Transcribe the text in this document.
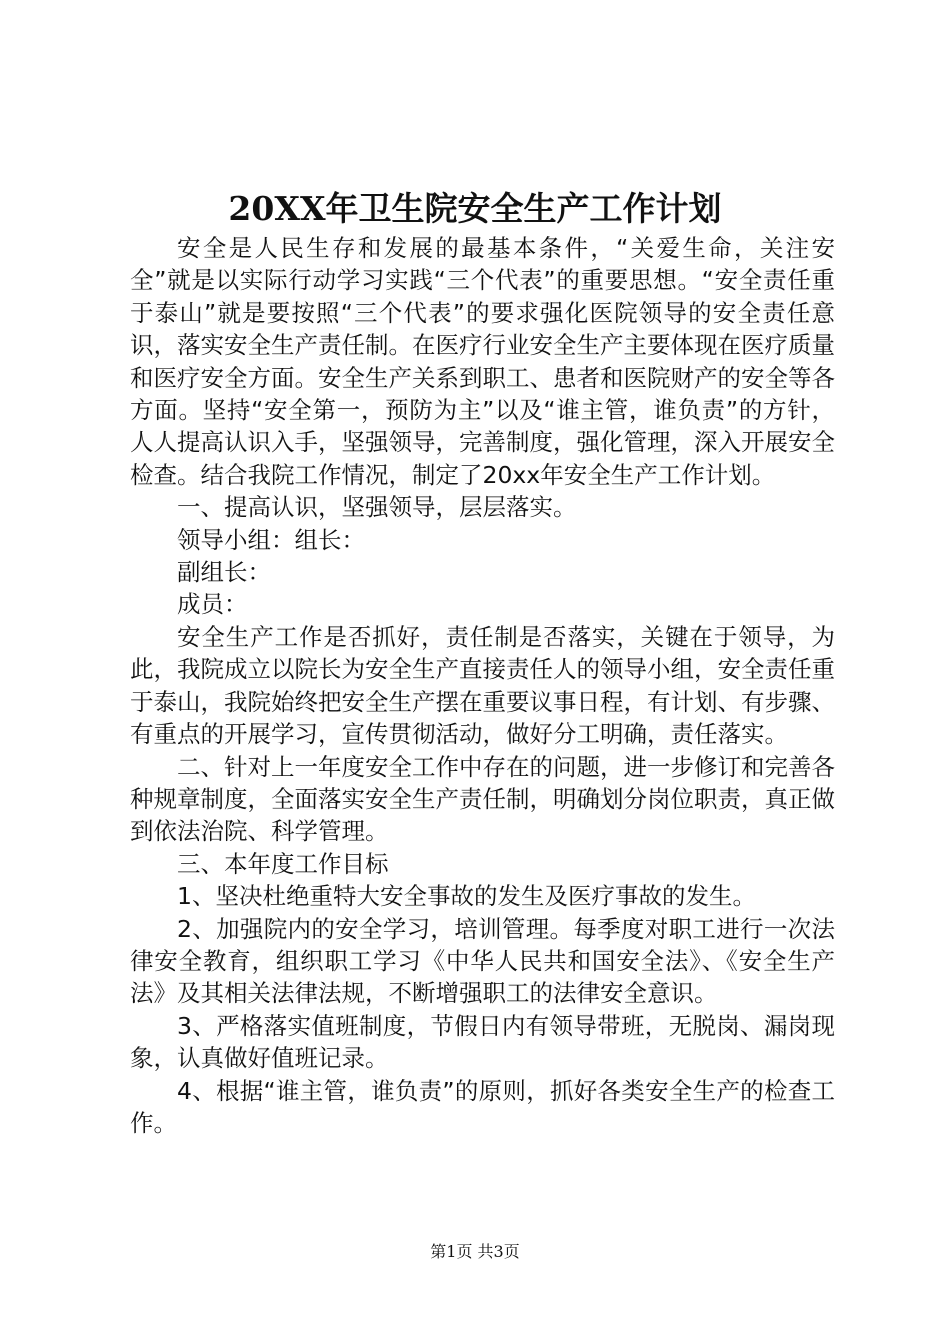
20XX年卫生院安全生产工作计划

安全是人民生存和发展的最基本条件，“关爱生命，关注安全”就是以实际行动学习实践“三个代表”的重要思想。“安全责任重于泰山”就是要按照“三个代表”的要求强化医院领导的安全责任意识，落实安全生产责任制。在医疗行业安全生产主要体现在医疗质量和医疗安全方面。安全生产关系到职工、患者和医院财产的安全等各方面。坚持“安全第一，预防为主”以及“谁主管，谁负责”的方针，人人提高认识入手，坚强领导，完善制度，强化管理，深入开展安全检查。结合我院工作情况，制定了20xx年安全生产工作计划。

一、提高认识，坚强领导，层层落实。

领导小组：组长：

副组长：

成员：

安全生产工作是否抓好，责任制是否落实，关键在于领导，为此，我院成立以院长为安全生产直接责任人的领导小组，安全责任重于泰山，我院始终把安全生产摆在重要议事日程，有计划、有步骤、有重点的开展学习，宣传贯彻活动，做好分工明确，责任落实。

二、针对上一年度安全工作中存在的问题，进一步修订和完善各种规章制度，全面落实安全生产责任制，明确划分岗位职责，真正做到依法治院、科学管理。

三、本年度工作目标

1、坚决杜绝重特大安全事故的发生及医疗事故的发生。

2、加强院内的安全学习，培训管理。每季度对职工进行一次法律安全教育，组织职工学习《中华人民共和国安全法》、《安全生产法》及其相关法律法规，不断增强职工的法律安全意识。

3、严格落实值班制度，节假日内有领导带班，无脱岗、漏岗现象，认真做好值班记录。

4、根据“谁主管，谁负责”的原则，抓好各类安全生产的检查工作。

第1页 共3页
